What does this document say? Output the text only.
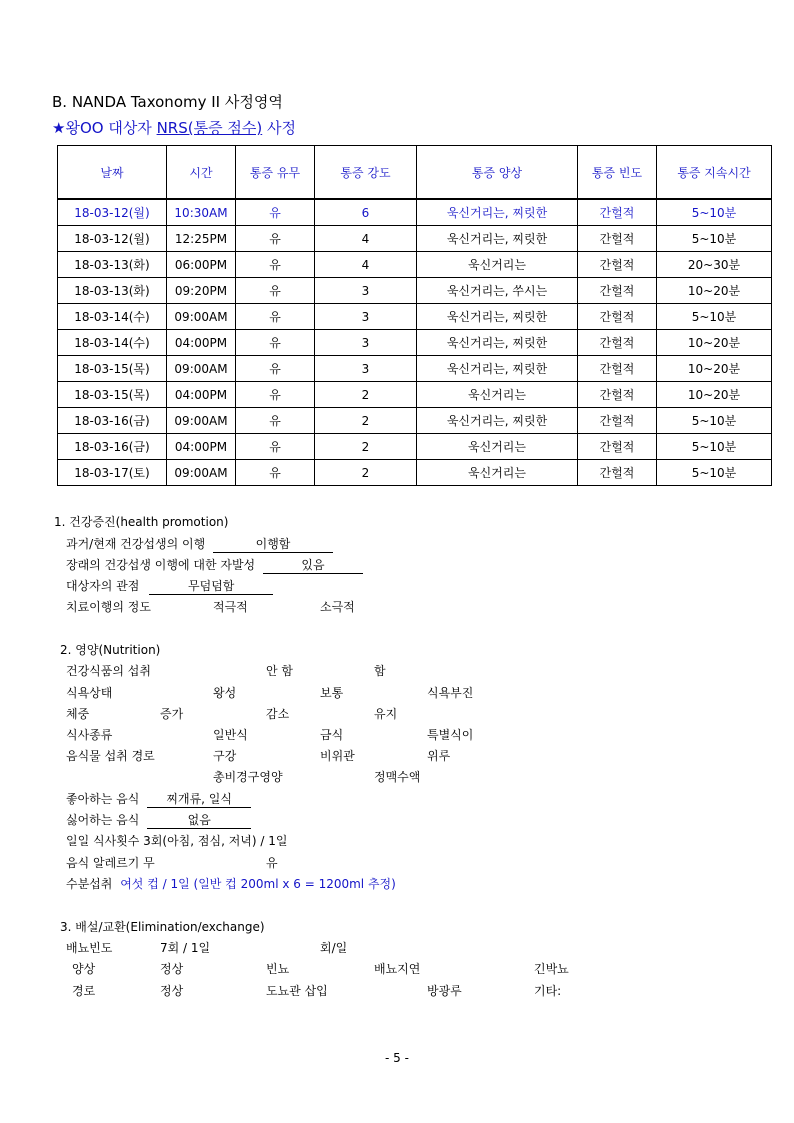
B. NANDA Taxonomy II 사정영역
★왕OO 대상자 NRS(통증 점수) 사정
날짜	시간	통증 유무	통증 강도	통증 양상	통증 빈도	통증 지속시간
18-03-12(월)	10:30AM	유	6	욱신거리는, 찌릿한	간헐적	5~10분
18-03-12(월)	12:25PM	유	4	욱신거리는, 찌릿한	간헐적	5~10분
18-03-13(화)	06:00PM	유	4	욱신거리는	간헐적	20~30분
18-03-13(화)	09:20PM	유	3	욱신거리는, 쑤시는	간헐적	10~20분
18-03-14(수)	09:00AM	유	3	욱신거리는, 찌릿한	간헐적	5~10분
18-03-14(수)	04:00PM	유	3	욱신거리는, 찌릿한	간헐적	10~20분
18-03-15(목)	09:00AM	유	3	욱신거리는, 찌릿한	간헐적	10~20분
18-03-15(목)	04:00PM	유	2	욱신거리는	간헐적	10~20분
18-03-16(금)	09:00AM	유	2	욱신거리는, 찌릿한	간헐적	5~10분
18-03-16(금)	04:00PM	유	2	욱신거리는	간헐적	5~10분
18-03-17(토)	09:00AM	유	2	욱신거리는	간헐적	5~10분
1. 건강증진(health promotion)
과거/현재 건강섭생의 이행	이행함
장래의 건강섭생 이행에 대한 자발성	있음
대상자의 관점	무덤덤함
치료이행의 정도	적극적	소극적
2. 영양(Nutrition)
건강식품의 섭취	안 함	함
식욕상태	왕성	보통	식욕부진
체중	증가	감소	유지
식사종류	일반식	금식	특별식이
음식물 섭취 경로	구강	비위관	위루
총비경구영양	정맥수액
좋아하는 음식 찌개류, 일식
싫어하는 음식	없음
일일 식사횟수 3회(아침, 점심, 저녁) / 1일
음식 알레르기 무	유
수분섭취 여섯 컵 / 1일 (일반 컵 200ml x 6 = 1200ml 추정)
3. 배설/교환(Elimination/exchange)
배뇨빈도	7회 / 1일	회/일
양상	정상	빈뇨	배뇨지연	긴박뇨
경로	정상	도뇨관 삽입	방광루	기타:
- 5 -
